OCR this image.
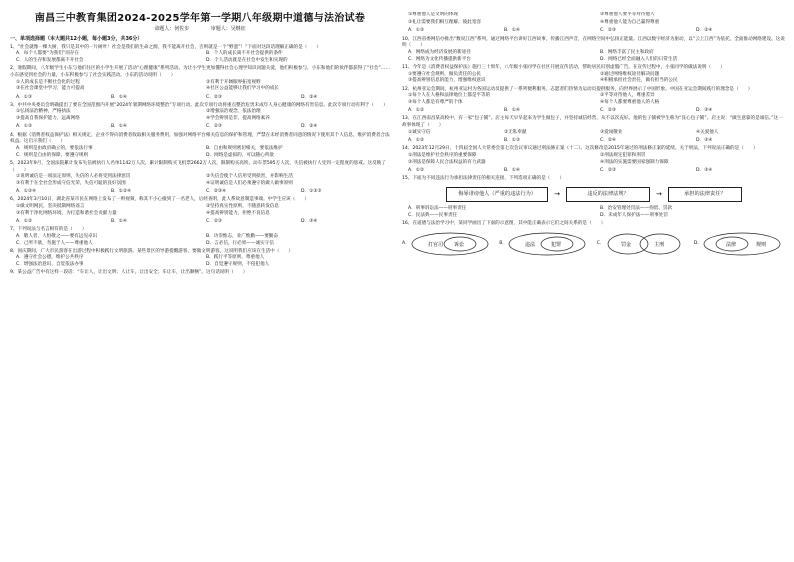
南昌三中教育集团2024-2025学年第一学期八年级期中道德与法治试卷
命题人：何佐步	审题人：吴继征
一、单项选择题（本大题共12小题，每小题3分，共36分）
1、“社会就像一棵大树，我只是其中的一片树叶！社会是我们的生命之源，我不能离开社会，否则就是一个“野蛮”！”下面对这段话理解正确的是（　　）
A．每个人都要“为我们”而存在	B．个人的成长离不开社会提供的条件
C．人的生存和发展都离不开社会	D．个人活动就是在社会中发生和实现的
2、暑假期间，八年级学生小东与他们住区的小学生开展了活动“心理健康”系列活动。为让小学生更加懂得社会心理学知识问题关爱，他们积极参与，小东和他们的伙伴都获得了“社会”……小东感受到社会的力量，小东积极参与了社会实践活动。小东的活动说明（　　）
①人的成长是不断社会化的过程	②有利于开阔眼界拓宽视野
③在社会课堂中学习，能力可提高	④社区公益能够让我们学习中的成长
A．①③	B．①④	C．②③	D．②④
3、中共中央委员会明确提出了要在全国范围内开展“2024年暑期网络环境整治”专项行动。此次专项行动将重点整治危害未成年人身心健康的网络有害信息。此次专项行动有利于（　　）
①弘扬法治精神，严格执法	②增强法治观念，依法治理
③提高自我保护能力，远离网络	④学会辨别是非，提高网络素养
A．①③	B．①④	C．②③	D．②④
4、根据《消费者权益保护法》相关规定，企业不得向消费者收取相关服务费用，加强对网络平台相关信息的保护和管理，严禁在未经消费者同意的情况下使用其个人信息，维护消费者合法权益。这启示我们（　　）
A．规则是由政府确立的，要依法行事	B．自由和规则密切相关，要依法维护
C．规则是自由的保障，要遵守规则	D．网络是虚拟的，可以随心所欲
5、2023年9月，全国法院累计发布失信被执行人名单1142万人次，累计限制购买飞机票2662万人次，限制购买高铁、动车票595万人次，失信被执行人受到一定程度的惩戒。这反映了（　　）
①说明诚信是一项法定原则，失信的人必将受到法律惩罚	②失信会使个人信用受到损害，并影响生活
③有利于在全社会形成守信光荣，失信可耻的良好氛围	④证明诚信是人们必须遵守的做人做事原则
A．①③④	B．①②④	C．②③④	D．①②③
6、2024年3月10日，湖北省某市民在网络上发布了一则视频，称其不小心撞到了一名老人，后经查明，此人系故意制造事端。中学生应该（　　）
①做文明网民，坚决抵制网络谣言	②坚持真实性原则，不随意转发信息
③有利于净化网络环境，为打造和谐社会贡献力量	④提高辨别能力，拒绝不良信息
A．①②	B．①④	C．②③	D．③④
7、下列说法与名言相符的是（　　）
A．敬人者，人恒敬之——要有远见卓识	B．功崇惟志，业广惟勤——要勤奋
C．己所不欲，勿施于人——尊重他人	D．言必信，行必果——诚实守信
8、国庆期间，广大市民游客在出游过程中积极践行文明旅游。某些景区的导游提醒游客，要做文明游客。这说明我们应该在生活中（　　）
A．遵守社会公德，维护公共秩序	B．践行平等原则，尊重他人
C．增强法治意识，自觉依法办事	D．自觉遵守规则，不侵犯他人
9、某公益广告中有这样一段话：“车让人，让出文明；人让车，让出安全；车让车，让出顺畅”。这句话说明（　　）
①尊重他人是文明的体现	②尊重他人要平等对待他人
③礼让需要我们相互理解、彼此宽容	④尊重他人能为自己赢得尊重
A．①③	B．①④	C．②③	D．②④
10、江西省委网信办推出“数说江西”系列，通过网络平台讲好江西故事，传播江西声音，在网络空间中弘扬正能量。江西以数字经济为驱动，以“云上江西”为依托，全面推动网络建设。这说明（　　）
A．网络成为经济发展的新途径	B．网络丰富了民主和政府
C．网络为文化传播提供新平台	D．网络已经全面融入人们的日常生活
11、今年是《消费者权益保护法》施行三十周年，八年级小张同学在社区开展宣传活动，帮助居民识别虚假广告。在宣传过程中，小张同学的做法说明（　　）
①要遵守社会规则，做负责任的公民	②通过网络维权途径解决问题
③提高辨别信息的能力，增强维权意识	④积极承担社会责任，做有担当的公民
12、杭州亚运会期间，杭州亚运村为各国运动员提供了一系列便利服务。志愿者们热情为运动员提供服务，向世界展示了中国形象。中国在亚运会期间践行的理念是（　　）
①每个人在人格和法律地位上都是平等的	②平等对待他人，尊重差异
③每个人都是有尊严的个体	④每个人都要尊重他人的人格
A．①②	B．①④	C．②③	D．③④
13、在江西南昌某高校中，有一家“包子铺”。店主每天早早起来为学生做包子，并坚持诚信经营，从不以次充好。他的包子铺被学生称为“良心包子铺”。店主说：“做生意靠的是诚信。”这一故事体现了（　　）
①诚实守信	②无私奉献	③爱岗敬业	④关爱他人
A．①②	B．①③	C．②④	D．③④
14、2023年12月29日，十四届全国人大常委会第七次会议审议通过刑法修正案（十二）。这次修改是2015年通过的刑法修正案的延续。关于刑法，下列说法正确的是（　　）
①刑法是维护社会秩序的重要保障	②刑法规定犯罪和刑罚
③刑法是保障人民合法权益的有力武器	④刑法的实施需要国家强制力保障
A．①②	B．①④	C．②③	D．③④
15、下面为不同违法行为承担法律责任的相关连接，下列选项正确的是（　　）
侮辱诽谤他人（严重的违法行为）	→	违反的法律法规？	→	承担的法律责任？
A．刑事诉讼法——刑事责任	B．治安管理处罚法——拘留、罚款
C．民法典——民事责任	D．未成年人保护法——刑事处罚
16、在道德与法治学习中，某同学画出了下面的示意图，其中能正确表示它们之间关系的是（　　）
A．	打官司 诉讼	B．	违法	犯罪	C．	罚金	主刑	D．	法律	规则
